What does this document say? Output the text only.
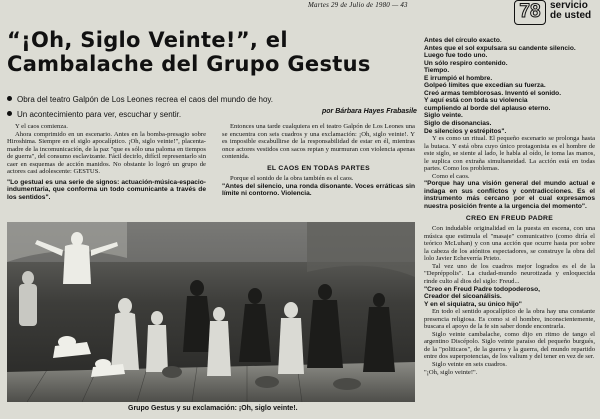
Martes 29 de Julio de 1980 — 43	78 servicio
de usted
“¡Oh, Siglo Veinte!”, el
Cambalache del Grupo Gestus
Obra del teatro Galpón de Los Leones recrea el caos del mundo de hoy.
Un acontecimiento para ver, escuchar y sentir.	por Bárbara Hayes Frabasile

Y el caos comienza.

Ahora comprimido en un escenario. Antes en la bomba-presagio sobre Hiroshima. Siempre en el siglo apocalíptico. ¡Oh, siglo veinte!", placenta-madre de la incomunicación, de la paz "que es sólo una paloma en tiempos de guerra", del consumo esclavizante. Fácil decirlo, difícil representarlo sin caer en esquemas de acción manidos. No obstante lo logró un grupo de actores casi adolescente: GESTUS.

"Lo gestual es una serie de signos: actuación-música-espacio-indumentaria, que conforma un todo comunicante a través de los sentidos".

Entonces una tarde cualquiera en el teatro Galpón de Los Leones una se encuentra con seis cuadros y una exclamación: ¡Oh, siglo veinte!. Y es imposible escabullirse de la responsabilidad de estar en él, mientras once actores vestidos con sacos reptan y murmuran con violencia apenas contenida.

EL CAOS EN TODAS PARTES

Porque el sonido de la obra también es el caos.

"Antes del silencio, una ronda disonante. Voces erráticas sin límite ni contorno. Violencia.

Antes del círculo exacto.
Antes que el sol expulsara su candente silencio.
Luego fue todo uno.
Un sólo respiro contenido.
Tiempo.
E irrumpió el hombre.
Golpeó límites que excedían su fuerza.
Creó armas temblorosas. Inventó el sonido.
Y aquí está con toda su violencia
cumpliendo al borde del aplauso eterno.
Siglo veinte.
Siglo de disonancias.
De silencios y estrépitos".

Y es como un ritual. El pequeño escenario se prolonga hasta la butaca. Y está obra cuyo único protagonista es el hombre de este siglo, se siente al lado, le habla al oído, le toma las manos, le suplica con extraña simultaneidad. La acción está en todas partes. Como los problemas.

Como el caos.

"Porque hay una visión general del mundo actual e indaga en sus conflictos y contradicciones. Es el instrumento más cercano por el cual expresamos nuestra posición frente a la urgencia del momento".

CREO EN FREUD PADRE

Con indudable originalidad en la puesta en escena, con una música que estimula el "masaje" comunicativo (como diría el teórico McLuhan) y con una acción que ocurre hasta por sobre la cabeza de los atónitos espectadores, se construye la obra del lolo Javier Echeverría Prieto.

Tal vez uno de los cuadros mejor logrados es el de la "Depréppolis". La ciudad-mundo neurotizada y enloquecida rinde culto al dios del siglo: Freud...

"Creo en Freud Padre todopoderoso,
Creador del sicoanálisis.
Y en el siquiatra, su único hijo"

En todo el sentido apocalíptico de la obra hay una constante presencia religiosa. Es como si el hombre, inconscientemente, buscara el apoyo de la fe sin saber donde encontrarla.

Siglo veinte cambalache, como dijo en ritmo de tango el argentino Discépolo. Siglo veinte paraíso del pequeño burgués, de la "politicaos", de la guerra y la guerra, del mundo repartido entre dos superpotencias, de los valium y del tener en vez de ser.

Siglo veinte en seis cuadros.

"¡Oh, siglo veinte!".

Grupo Gestus y su exclamación: ¡Oh, siglo veinte!.
